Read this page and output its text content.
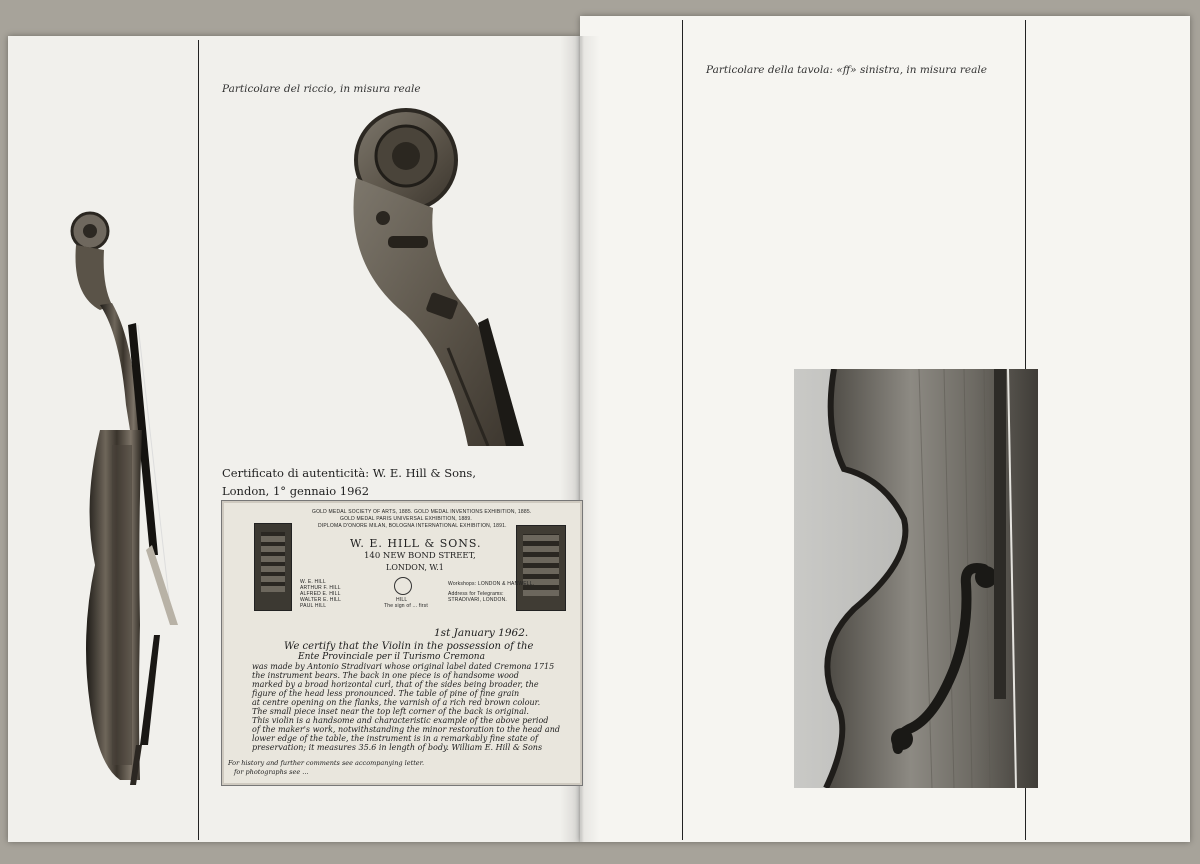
Particolare del riccio, in misura reale
Certificato di autenticità: W. E. Hill & Sons,
London, 1° gennaio 1962
GOLD MEDAL SOCIETY OF ARTS, 1885. GOLD MEDAL INVENTIONS EXHIBITION, 1885.
GOLD MEDAL PARIS UNIVERSAL EXHIBITION, 1889.
DIPLOMA D'ONORE MILAN, BOLOGNA INTERNATIONAL EXHIBITION, 1891.
W. E. HILL & SONS.
140 NEW BOND STREET,
LONDON, W.1
W. E. HILL
ARTHUR F. HILL
ALFRED E. HILL
WALTER E. HILL
PAUL HILL
HILL
The sign of ... first
Workshops: LONDON & HANWELL.
Address for Telegrams: STRADIVARI, LONDON.
1st January 1962.
We certify that the Violin in the possession of the
Ente Provinciale per il Turismo Cremona
was made by Antonio Stradivari whose original label dated Cremona 1715
the instrument bears. The back in one piece is of handsome wood
marked by a broad horizontal curl, that of the sides being broader, the
figure of the head less pronounced. The table of pine of fine grain
at centre opening on the flanks, the varnish of a rich red brown colour.
The small piece inset near the top left corner of the back is original.
This violin is a handsome and characteristic example of the above period
of the maker's work, notwithstanding the minor restoration to the head and
lower edge of the table, the instrument is in a remarkably fine state of
preservation; it measures 35.6 in length of body. William E. Hill & Sons
For history and further comments see accompanying letter.
for photographs see ...
Particolare della tavola: «ff» sinistra, in misura reale
